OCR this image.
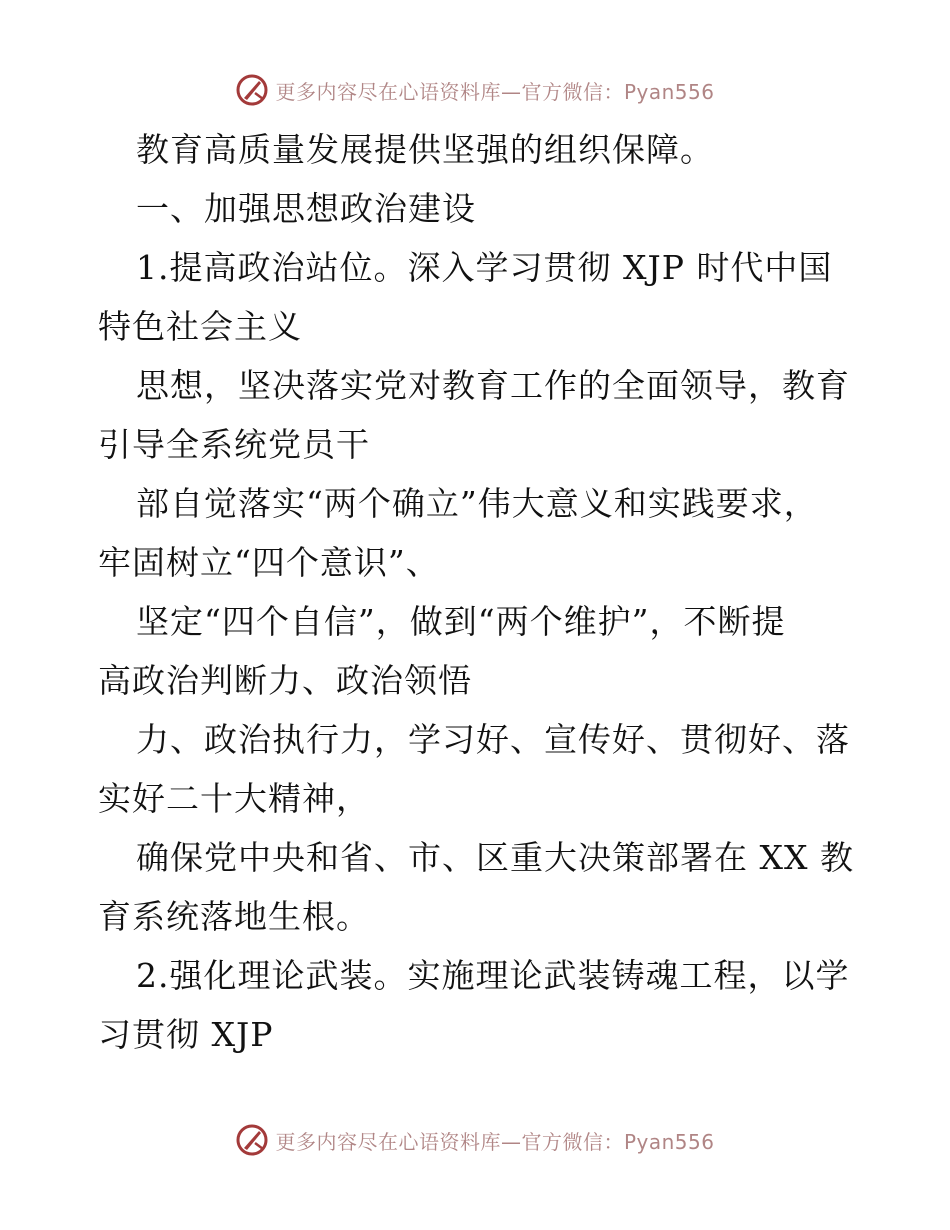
更多内容尽在心语资料库—官方微信：Pyan556
教育高质量发展提供坚强的组织保障。
一、加强思想政治建设
1.提高政治站位。深入学习贯彻 XJP 时代中国
特色社会主义
思想，坚决落实党对教育工作的全面领导，教育
引导全系统党员干
部自觉落实“两个确立”伟大意义和实践要求，
牢固树立“四个意识”、
坚定“四个自信”，做到“两个维护”，不断提
高政治判断力、政治领悟
力、政治执行力，学习好、宣传好、贯彻好、落
实好二十大精神，
确保党中央和省、市、区重大决策部署在 XX 教
育系统落地生根。
2.强化理论武装。实施理论武装铸魂工程，以学
习贯彻 XJP
更多内容尽在心语资料库—官方微信：Pyan556
